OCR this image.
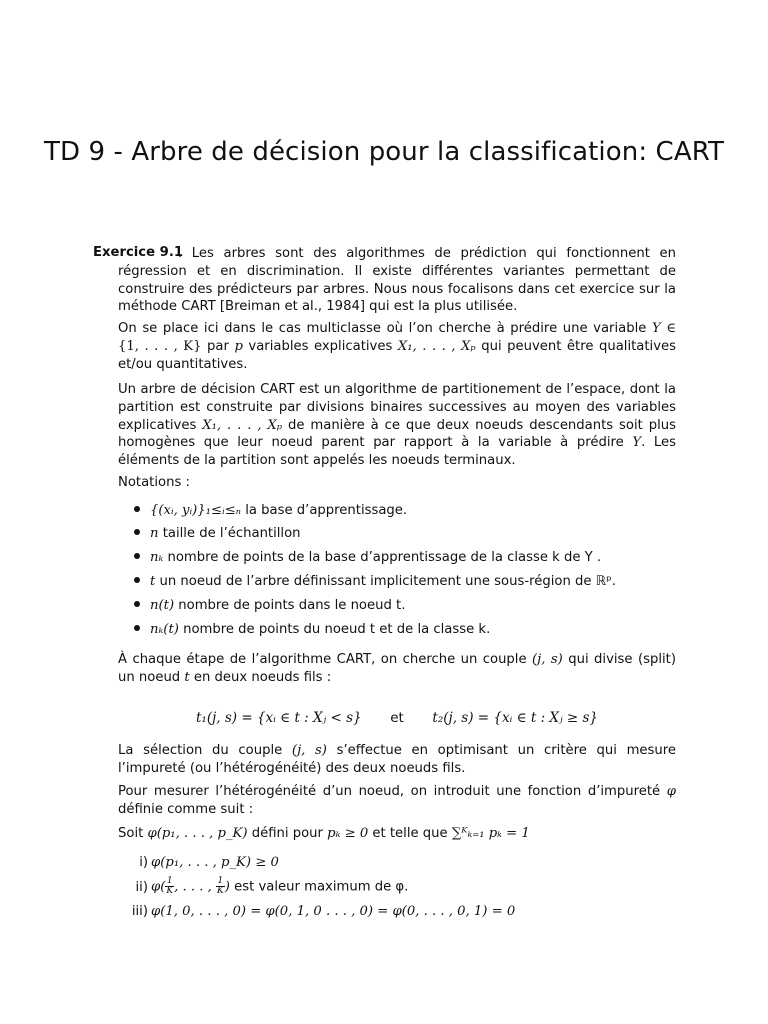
TD 9 - Arbre de décision pour la classification: CART
Exercice 9.1

. Les arbres sont des algorithmes de prédiction qui fonctionnent en régression et en discrimination. Il existe différentes variantes permettant de construire des prédicteurs par arbres. Nous nous focalisons dans cet exercice sur la méthode CART [Breiman et al., 1984] qui est la plus utilisée.

On se place ici dans le cas multiclasse où l’on cherche à prédire une variable Y ∈ {1, . . . , K} par p variables explicatives X₁, . . . , Xₚ qui peuvent être qualitatives et/ou quantitatives.

Un arbre de décision CART est un algorithme de partitionement de l’espace, dont la partition est construite par divisions binaires successives au moyen des variables explicatives X₁, . . . , Xₚ de manière à ce que deux noeuds descendants soit plus homogènes que leur noeud parent par rapport à la variable à prédire Y. Les éléments de la partition sont appelés les noeuds terminaux.

Notations :
{(xᵢ, yᵢ)}₁≤ᵢ≤ₙ la base d’apprentissage.
n taille de l’échantillon
nₖ nombre de points de la base d’apprentissage de la classe k de Y .
t un noeud de l’arbre définissant implicitement une sous-région de ℝᵖ.
n(t) nombre de points dans le noeud t.
nₖ(t) nombre de points du noeud t et de la classe k.

À chaque étape de l’algorithme CART, on cherche un couple (j, s) qui divise (split) un noeud t en deux noeuds fils :

t₁(j, s) = {xᵢ ∈ t : Xⱼ < s} et t₂(j, s) = {xᵢ ∈ t : Xⱼ ≥ s}

La sélection du couple (j, s) s’effectue en optimisant un critère qui mesure l’impureté (ou l’hétérogénéité) des deux noeuds fils.

Pour mesurer l’hétérogénéité d’un noeud, on introduit une fonction d’impureté φ définie comme suit :

Soit φ(p₁, . . . , p_K) défini pour pₖ ≥ 0 et telle que ∑ᴷₖ₌₁ pₖ = 1

i) φ(p₁, . . . , p_K) ≥ 0
ii) $\varphi( \frac{1}{K}$ , . . . , $\frac{1}{K}$ ) est valeur maximum de φ.
iii) φ(1, 0, . . . , 0) = φ(0, 1, 0 . . . , 0) = φ(0, . . . , 0, 1) = 0
